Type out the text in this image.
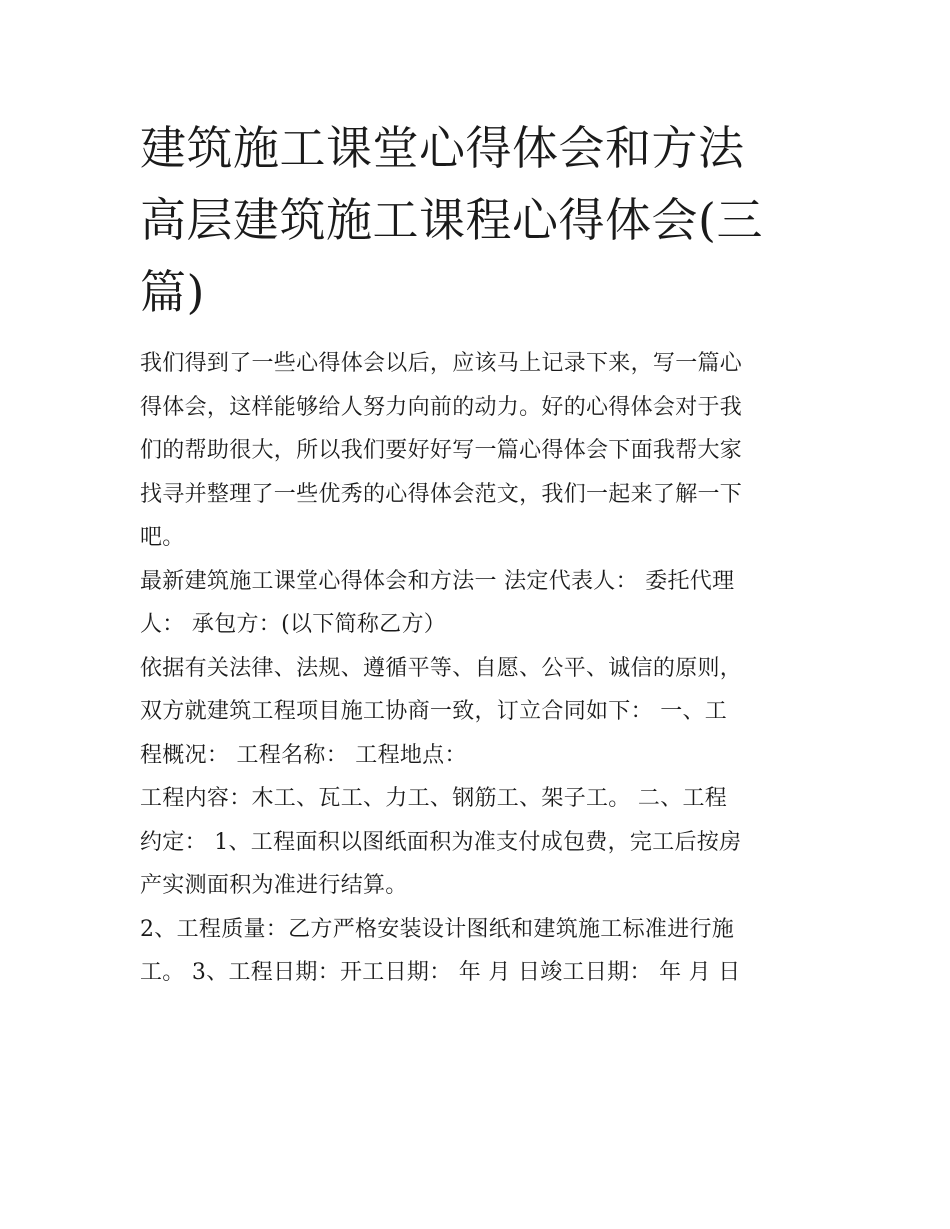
建筑施工课堂心得体会和方法
高层建筑施工课程心得体会(三
篇)

我们得到了一些心得体会以后，应该马上记录下来，写一篇心
得体会，这样能够给人努力向前的动力。好的心得体会对于我
们的帮助很大，所以我们要好好写一篇心得体会下面我帮大家
找寻并整理了一些优秀的心得体会范文，我们一起来了解一下
吧。

最新建筑施工课堂心得体会和方法一 法定代表人： 委托代理
人： 承包方：(以下简称乙方）

依据有关法律、法规、遵循平等、自愿、公平、诚信的原则，
双方就建筑工程项目施工协商一致，订立合同如下： 一、工
程概况： 工程名称： 工程地点：

工程内容：木工、瓦工、力工、钢筋工、架子工。 二、工程
约定： 1、工程面积以图纸面积为准支付成包费，完工后按房
产实测面积为准进行结算。

2、工程质量：乙方严格安装设计图纸和建筑施工标准进行施
工。 3、工程日期：开工日期： 年 月 日竣工日期： 年 月 日
